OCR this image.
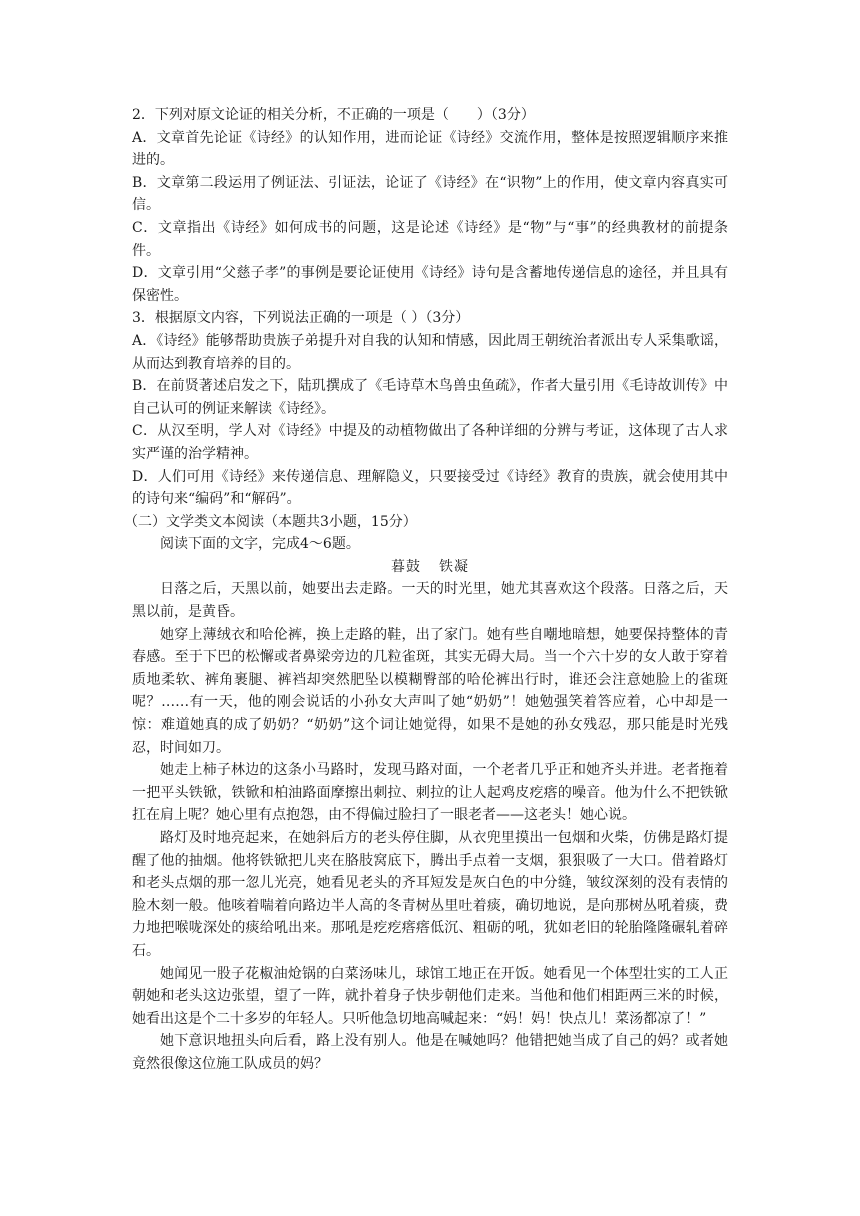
2．下列对原文论证的相关分析，不正确的一项是（　　）（3分）

A．文章首先论证《诗经》的认知作用，进而论证《诗经》交流作用，整体是按照逻辑顺序来推进的。

B．文章第二段运用了例证法、引证法，论证了《诗经》在“识物”上的作用，使文章内容真实可信。

C．文章指出《诗经》如何成书的问题，这是论述《诗经》是“物”与“事”的经典教材的前提条件。

D．文章引用“父慈子孝”的事例是要论证使用《诗经》诗句是含蓄地传递信息的途径，并且具有保密性。

3．根据原文内容，下列说法正确的一项是（ ）（3分）

A．《诗经》能够帮助贵族子弟提升对自我的认知和情感，因此周王朝统治者派出专人采集歌谣，从而达到教育培养的目的。

B．在前贤著述启发之下，陆玑撰成了《毛诗草木鸟兽虫鱼疏》，作者大量引用《毛诗故训传》中自己认可的例证来解读《诗经》。

C．从汉至明，学人对《诗经》中提及的动植物做出了各种详细的分辨与考证，这体现了古人求实严谨的治学精神。

D．人们可用《诗经》来传递信息、理解隐义，只要接受过《诗经》教育的贵族，就会使用其中的诗句来“编码”和“解码”。

（二）文学类文本阅读（本题共3小题，15分）

阅读下面的文字，完成4～6题。

暮鼓 铁凝

日落之后，天黑以前，她要出去走路。一天的时光里，她尤其喜欢这个段落。日落之后，天黑以前，是黄昏。

她穿上薄绒衣和哈伦裤，换上走路的鞋，出了家门。她有些自嘲地暗想，她要保持整体的青春感。至于下巴的松懈或者鼻梁旁边的几粒雀斑，其实无碍大局。当一个六十岁的女人敢于穿着质地柔软、裤角裹腿、裤裆却突然肥坠以模糊臀部的哈伦裤出行时，谁还会注意她脸上的雀斑呢？……有一天，他的刚会说话的小孙女大声叫了她“奶奶”！她勉强笑着答应着，心中却是一惊：难道她真的成了奶奶？“奶奶”这个词让她觉得，如果不是她的孙女残忍，那只能是时光残忍，时间如刀。

她走上柿子林边的这条小马路时，发现马路对面，一个老者几乎正和她齐头并进。老者拖着一把平头铁锨，铁锨和柏油路面摩擦出刺拉、刺拉的让人起鸡皮疙瘩的噪音。他为什么不把铁锨扛在肩上呢？她心里有点抱怨，由不得偏过脸扫了一眼老者——这老头！她心说。

路灯及时地亮起来，在她斜后方的老头停住脚，从衣兜里摸出一包烟和火柴，仿佛是路灯提醒了他的抽烟。他将铁锨把儿夹在胳肢窝底下，腾出手点着一支烟，狠狠吸了一大口。借着路灯和老头点烟的那一忽儿光亮，她看见老头的齐耳短发是灰白色的中分缝，皱纹深刻的没有表情的脸木刻一般。他咳着喘着向路边半人高的冬青树丛里吐着痰，确切地说，是向那树丛吼着痰，费力地把喉咙深处的痰给吼出来。那吼是疙疙瘩瘩低沉、粗砺的吼，犹如老旧的轮胎隆隆碾轧着碎石。

她闻见一股子花椒油炝锅的白菜汤味儿，球馆工地正在开饭。她看见一个体型壮实的工人正朝她和老头这边张望，望了一阵，就扑着身子快步朝他们走来。当他和他们相距两三米的时候，她看出这是个二十多岁的年轻人。只听他急切地高喊起来：“妈！妈！快点儿！菜汤都凉了！”

她下意识地扭头向后看，路上没有别人。他是在喊她吗？他错把她当成了自己的妈？或者她竟然很像这位施工队成员的妈？
